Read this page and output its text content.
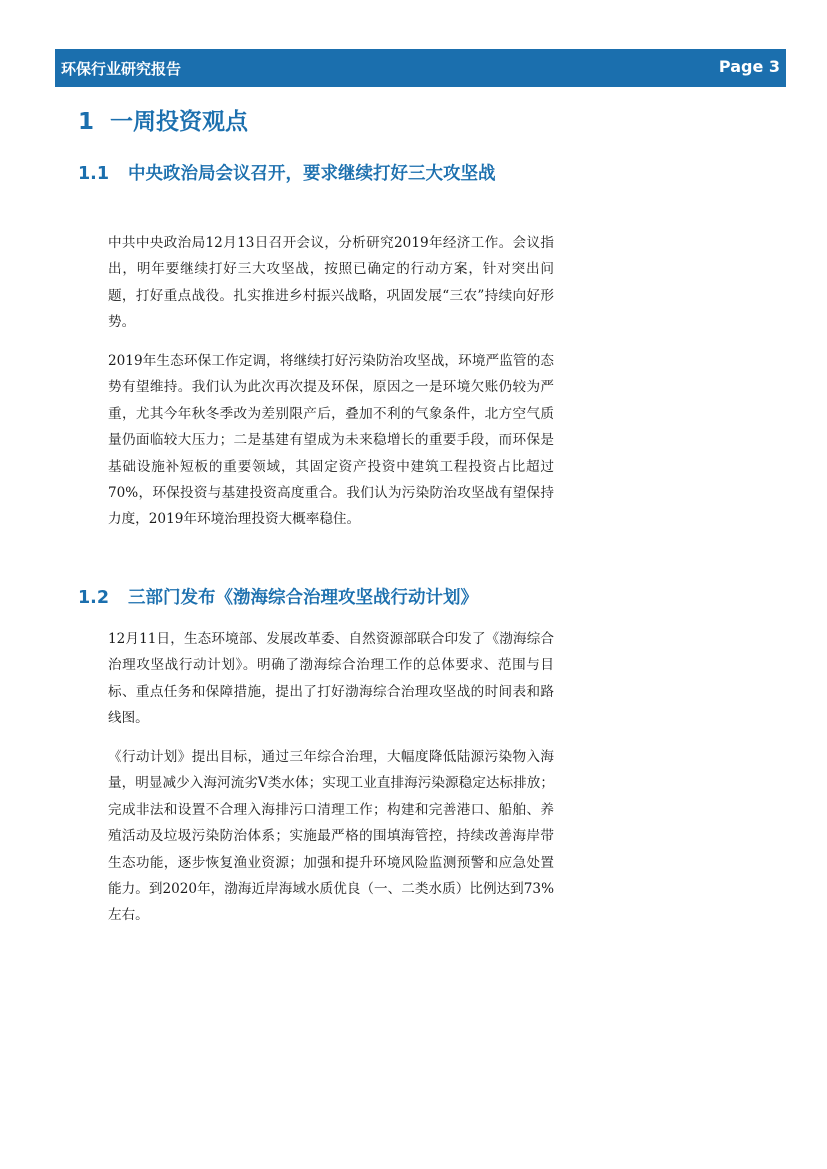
环保行业研究报告	Page 3
1 一周投资观点
1.1	中央政治局会议召开，要求继续打好三大攻坚战
中共中央政治局12月13日召开会议，分析研究2019年经济工作。会议指出，明年要继续打好三大攻坚战，按照已确定的行动方案，针对突出问题，打好重点战役。扎实推进乡村振兴战略，巩固发展“三农”持续向好形势。
2019年生态环保工作定调，将继续打好污染防治攻坚战，环境严监管的态势有望维持。我们认为此次再次提及环保，原因之一是环境欠账仍较为严重，尤其今年秋冬季改为差别限产后，叠加不利的气象条件，北方空气质量仍面临较大压力；二是基建有望成为未来稳增长的重要手段，而环保是基础设施补短板的重要领域，其固定资产投资中建筑工程投资占比超过70%，环保投资与基建投资高度重合。我们认为污染防治攻坚战有望保持力度，2019年环境治理投资大概率稳住。
1.2	三部门发布《渤海综合治理攻坚战行动计划》
12月11日，生态环境部、发展改革委、自然资源部联合印发了《渤海综合治理攻坚战行动计划》。明确了渤海综合治理工作的总体要求、范围与目标、重点任务和保障措施，提出了打好渤海综合治理攻坚战的时间表和路线图。
《行动计划》提出目标，通过三年综合治理，大幅度降低陆源污染物入海量，明显减少入海河流劣V类水体；实现工业直排海污染源稳定达标排放；完成非法和设置不合理入海排污口清理工作；构建和完善港口、船舶、养殖活动及垃圾污染防治体系；实施最严格的围填海管控，持续改善海岸带生态功能，逐步恢复渔业资源；加强和提升环境风险监测预警和应急处置能力。到2020年，渤海近岸海域水质优良（一、二类水质）比例达到73%左右。
